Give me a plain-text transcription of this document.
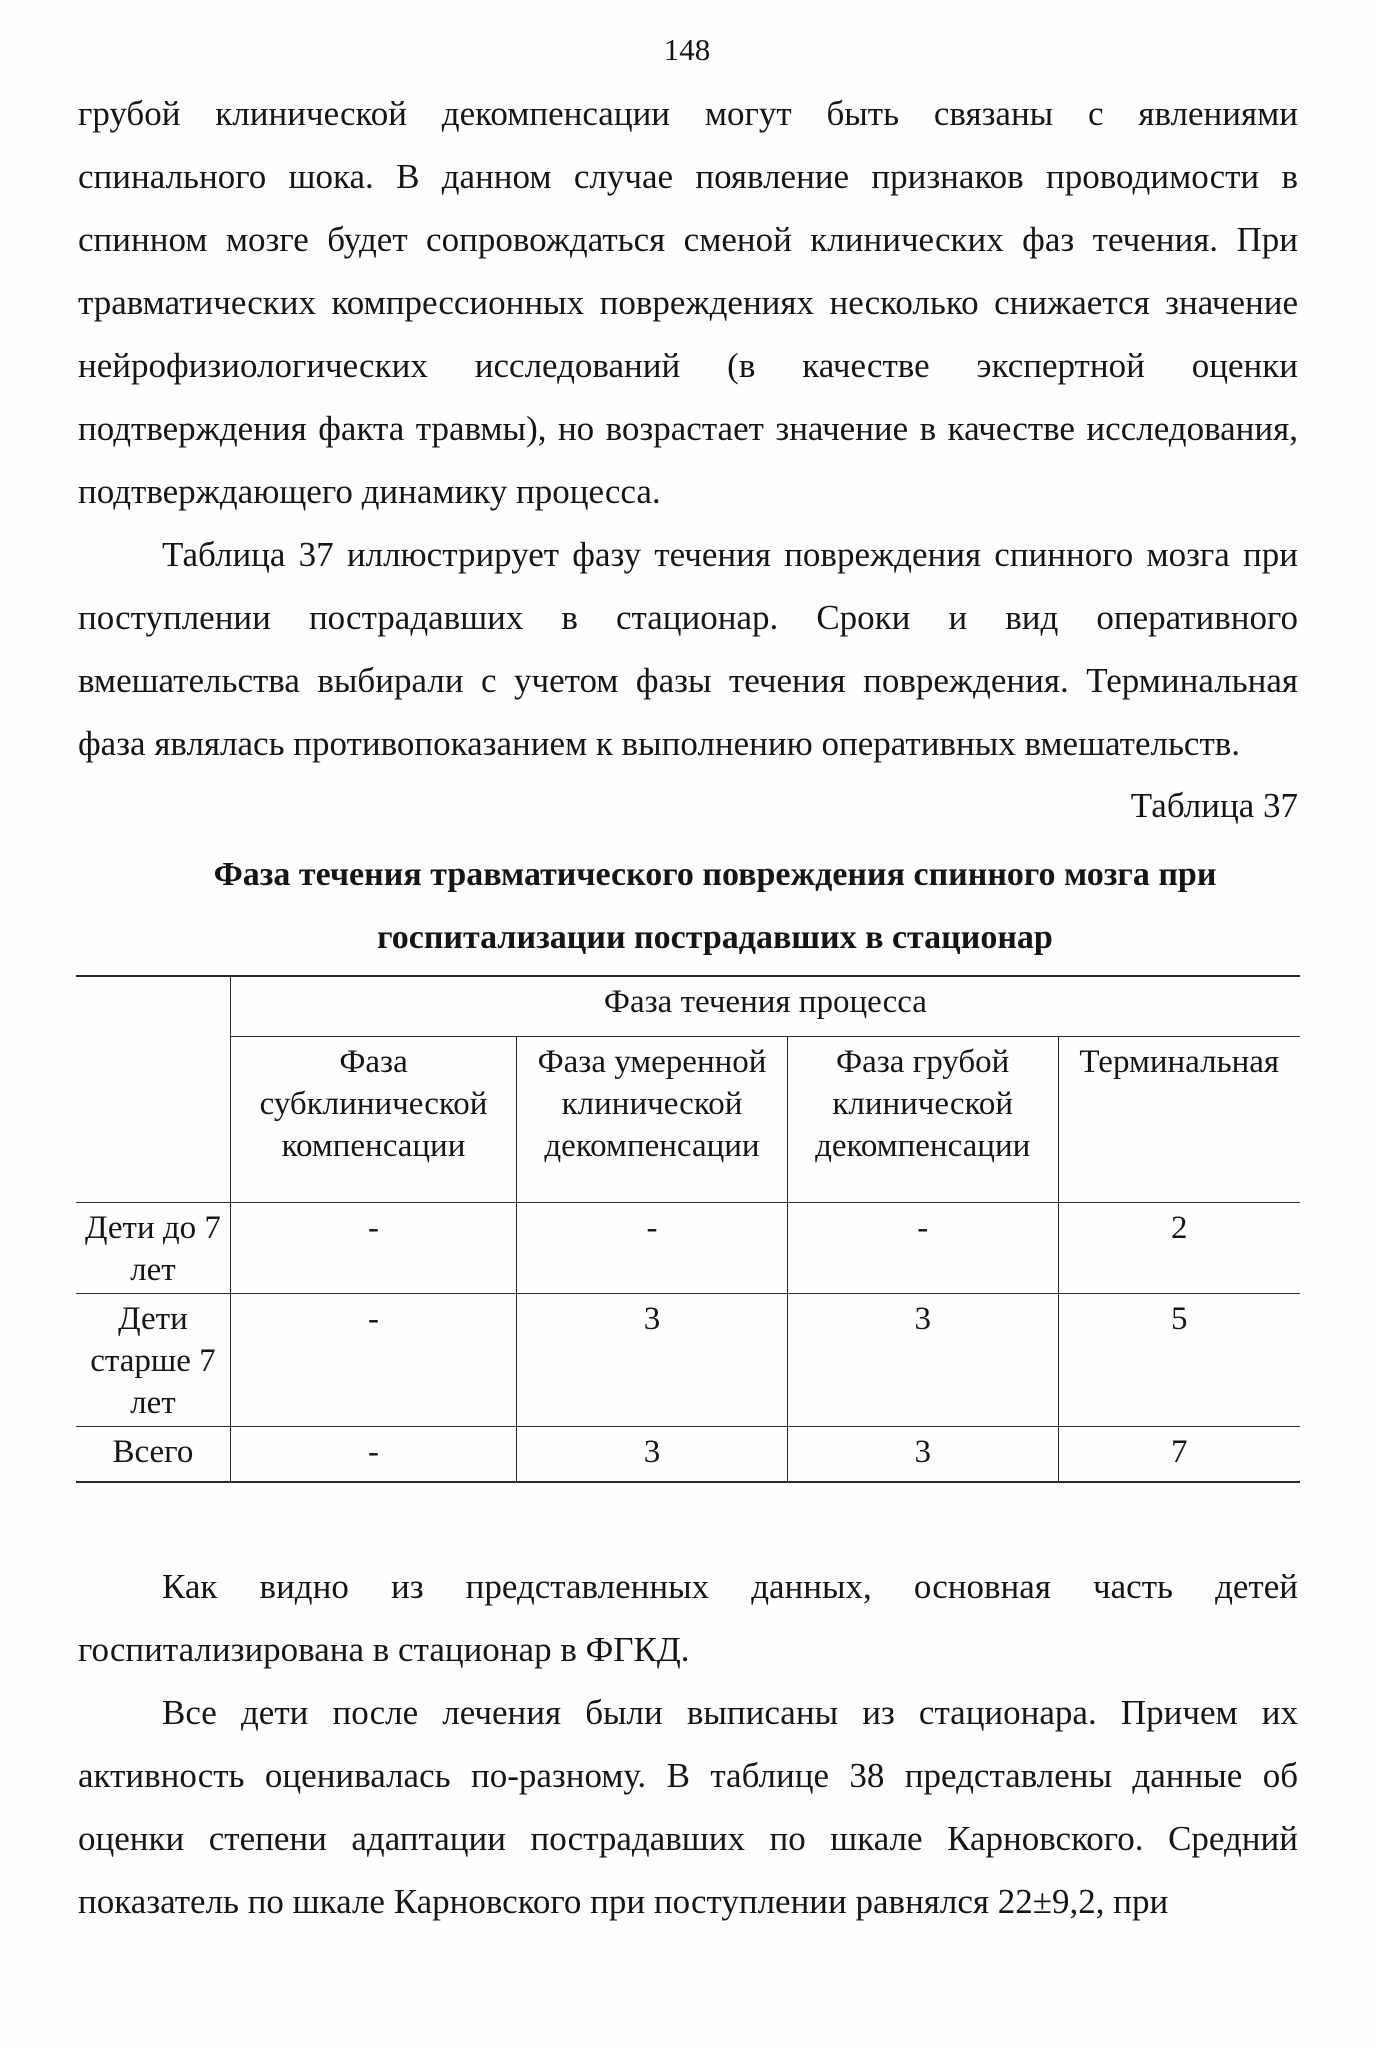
148

грубой клинической декомпенсации могут быть связаны с явлениями спинального шока. В данном случае появление признаков проводимости в спинном мозге будет сопровождаться сменой клинических фаз течения. При травматических компрессионных повреждениях несколько снижается значение нейрофизиологических исследований (в качестве экспертной оценки подтверждения факта травмы), но возрастает значение в качестве исследования, подтверждающего динамику процесса.

Таблица 37 иллюстрирует фазу течения повреждения спинного мозга при поступлении пострадавших в стационар. Сроки и вид оперативного вмешательства выбирали с учетом фазы течения повреждения. Терминальная фаза являлась противопоказанием к выполнению оперативных вмешательств.

Таблица 37
Фаза течения травматического повреждения спинного мозга при госпитализации пострадавших в стационар
	Фаза течения процесса			
	Фаза субклинической компенсации	Фаза умеренной клинической декомпенсации	Фаза грубой клинической декомпенсации	Терминальная
Дети до 7 лет	-	-	-	2
Дети старше 7 лет	-	3	3	5
Всего	-	3	3	7

Как видно из представленных данных, основная часть детей госпитализирована в стационар в ФГКД.

Все дети после лечения были выписаны из стационара. Причем их активность оценивалась по-разному. В таблице 38 представлены данные об оценки степени адаптации пострадавших по шкале Карновского. Средний показатель по шкале Карновского при поступлении равнялся 22±9,2, при
